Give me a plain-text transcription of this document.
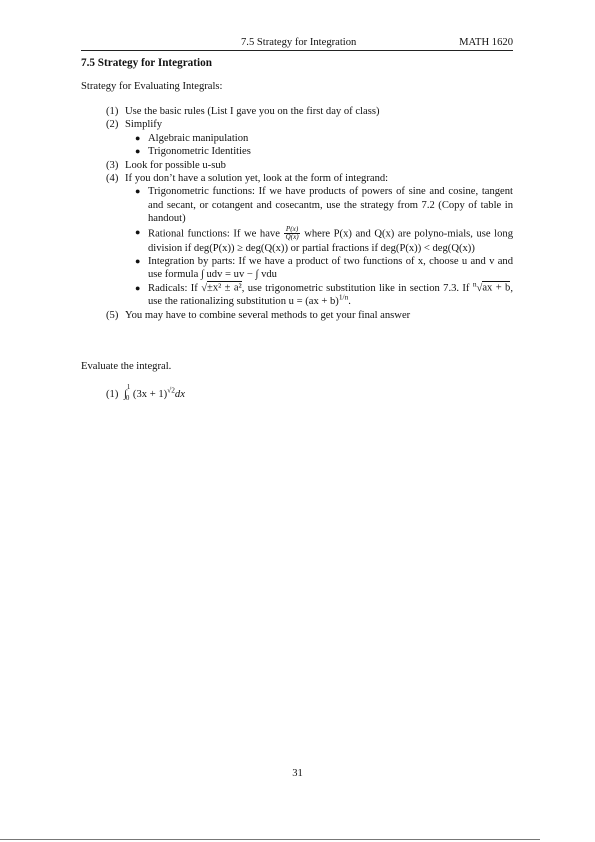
7.5 Strategy for Integration	MATH 1620
7.5 Strategy for Integration
Strategy for Evaluating Integrals:
(1) Use the basic rules (List I gave you on the first day of class)
(2) Simplify
● Algebraic manipulation
● Trigonometric Identities
(3) Look for possible u-sub
(4) If you don’t have a solution yet, look at the form of integrand:
● Trigonometric functions: If we have products of powers of sine and cosine, tangent and secant, or cotangent and cosecantm, use the strategy from 7.2 (Copy of table in handout)
● Rational functions: If we have $\frac{P(x)}{Q(x)}$ where P(x) and Q(x) are polyno-mials, use long division if deg(P(x)) ≥ deg(Q(x)) or partial fractions if deg(P(x)) < deg(Q(x))
● Integration by parts: If we have a product of two functions of x, choose u and v and use formula ∫ udv = uv − ∫ vdu
● Radicals: If √±x² ± a², use trigonometric substitution like in section 7.3. If $^n$√ax + b, use the rationalizing substitution u = (ax + b)$^{1/n}$.
(5) You may have to combine several methods to get your final answer
Evaluate the integral.
(1) ∫
1
0 $(3x + 1)^{√2}dx$
31
